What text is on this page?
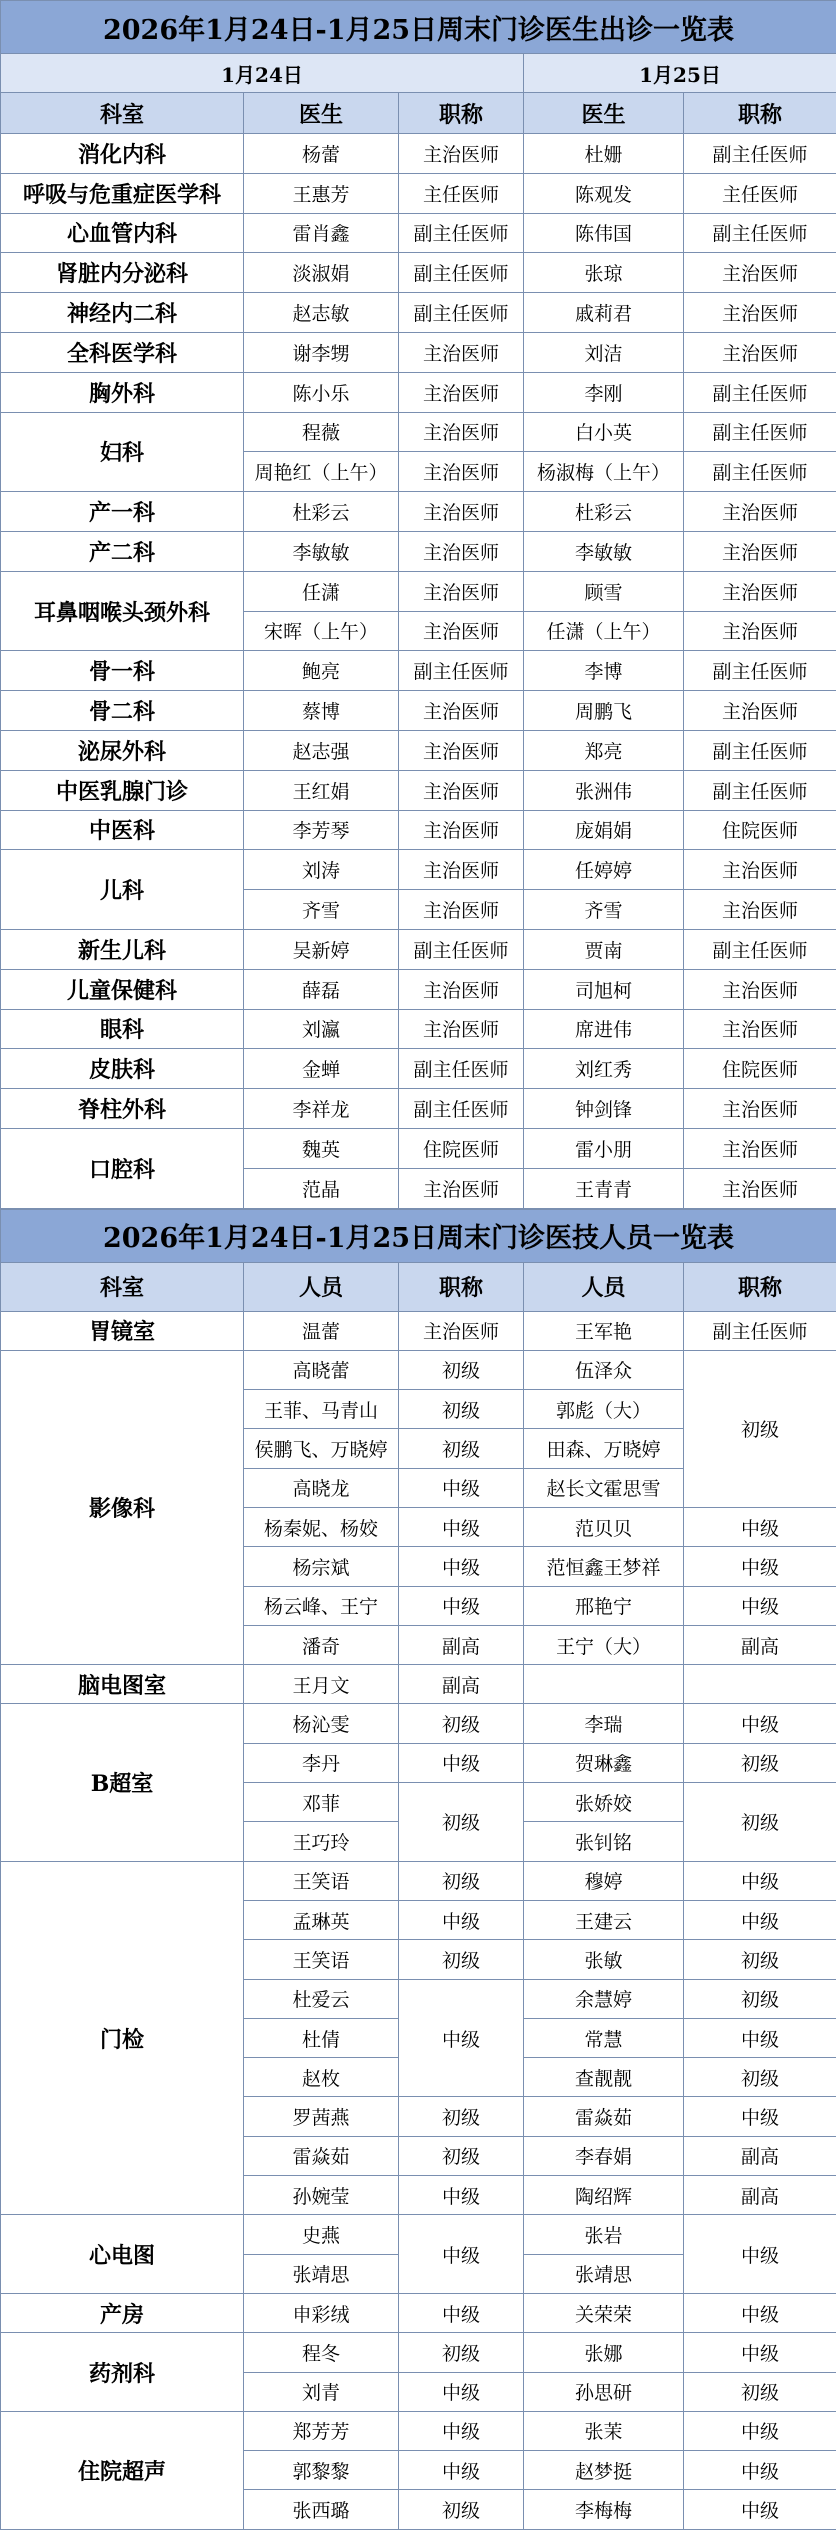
2026年1月24日-1月25日周末门诊医生出诊一览表				
1月24日			1月25日	
科室	医生	职称	医生	职称
消化内科	杨蕾	主治医师	杜姗	副主任医师
呼吸与危重症医学科	王惠芳	主任医师	陈观发	主任医师
心血管内科	雷肖鑫	副主任医师	陈伟国	副主任医师
肾脏内分泌科	淡淑娟	副主任医师	张琼	主治医师
神经内二科	赵志敏	副主任医师	戚莉君	主治医师
全科医学科	谢李甥	主治医师	刘洁	主治医师
胸外科	陈小乐	主治医师	李刚	副主任医师
妇科	程薇	主治医师	白小英	副主任医师
	周艳红（上午）	主治医师	杨淑梅（上午）	副主任医师
产一科	杜彩云	主治医师	杜彩云	主治医师
产二科	李敏敏	主治医师	李敏敏	主治医师
耳鼻咽喉头颈外科	任潇	主治医师	顾雪	主治医师
	宋晖（上午）	主治医师	任潇（上午）	主治医师
骨一科	鲍亮	副主任医师	李博	副主任医师
骨二科	蔡博	主治医师	周鹏飞	主治医师
泌尿外科	赵志强	主治医师	郑亮	副主任医师
中医乳腺门诊	王红娟	主治医师	张洲伟	副主任医师
中医科	李芳琴	主治医师	庞娟娟	住院医师
儿科	刘涛	主治医师	任婷婷	主治医师
	齐雪	主治医师	齐雪	主治医师
新生儿科	吴新婷	副主任医师	贾南	副主任医师
儿童保健科	薛磊	主治医师	司旭柯	主治医师
眼科	刘瀛	主治医师	席进伟	主治医师
皮肤科	金蝉	副主任医师	刘红秀	住院医师
脊柱外科	李祥龙	副主任医师	钟剑锋	主治医师
口腔科	魏英	住院医师	雷小朋	主治医师
	范晶	主治医师	王青青	主治医师
2026年1月24日-1月25日周末门诊医技人员一览表				
科室	人员	职称	人员	职称
胃镜室	温蕾	主治医师	王军艳	副主任医师
影像科	高晓蕾	初级	伍泽众	初级
	王菲、马青山	初级	郭彪（大）	
	侯鹏飞、万晓婷	初级	田森、万晓婷	
	高晓龙	中级	赵长文霍思雪	
	杨秦妮、杨姣	中级	范贝贝	中级
	杨宗斌	中级	范恒鑫王梦祥	中级
	杨云峰、王宁	中级	邢艳宁	中级
	潘奇	副高	王宁（大）	副高
脑电图室	王月文	副高		
B超室	杨沁雯	初级	李瑞	中级
	李丹	中级	贺琳鑫	初级
	邓菲	初级	张娇姣	初级
	王巧玲		张钊铭	
门检	王笑语	初级	穆婷	中级
	孟琳英	中级	王建云	中级
	王笑语	初级	张敏	初级
	杜爱云	中级	余慧婷	初级
	杜倩		常慧	中级
	赵枚		查靓靓	初级
	罗茜燕	初级	雷焱茹	中级
	雷焱茹	初级	李春娟	副高
	孙婉莹	中级	陶绍辉	副高
心电图	史燕	中级	张岩	中级
	张靖思		张靖思	
产房	申彩绒	中级	关荣荣	中级
药剂科	程冬	初级	张娜	中级
	刘青	中级	孙思研	初级
住院超声	郑芳芳	中级	张茉	中级
	郭黎黎	中级	赵梦挺	中级
	张西璐	初级	李梅梅	中级
